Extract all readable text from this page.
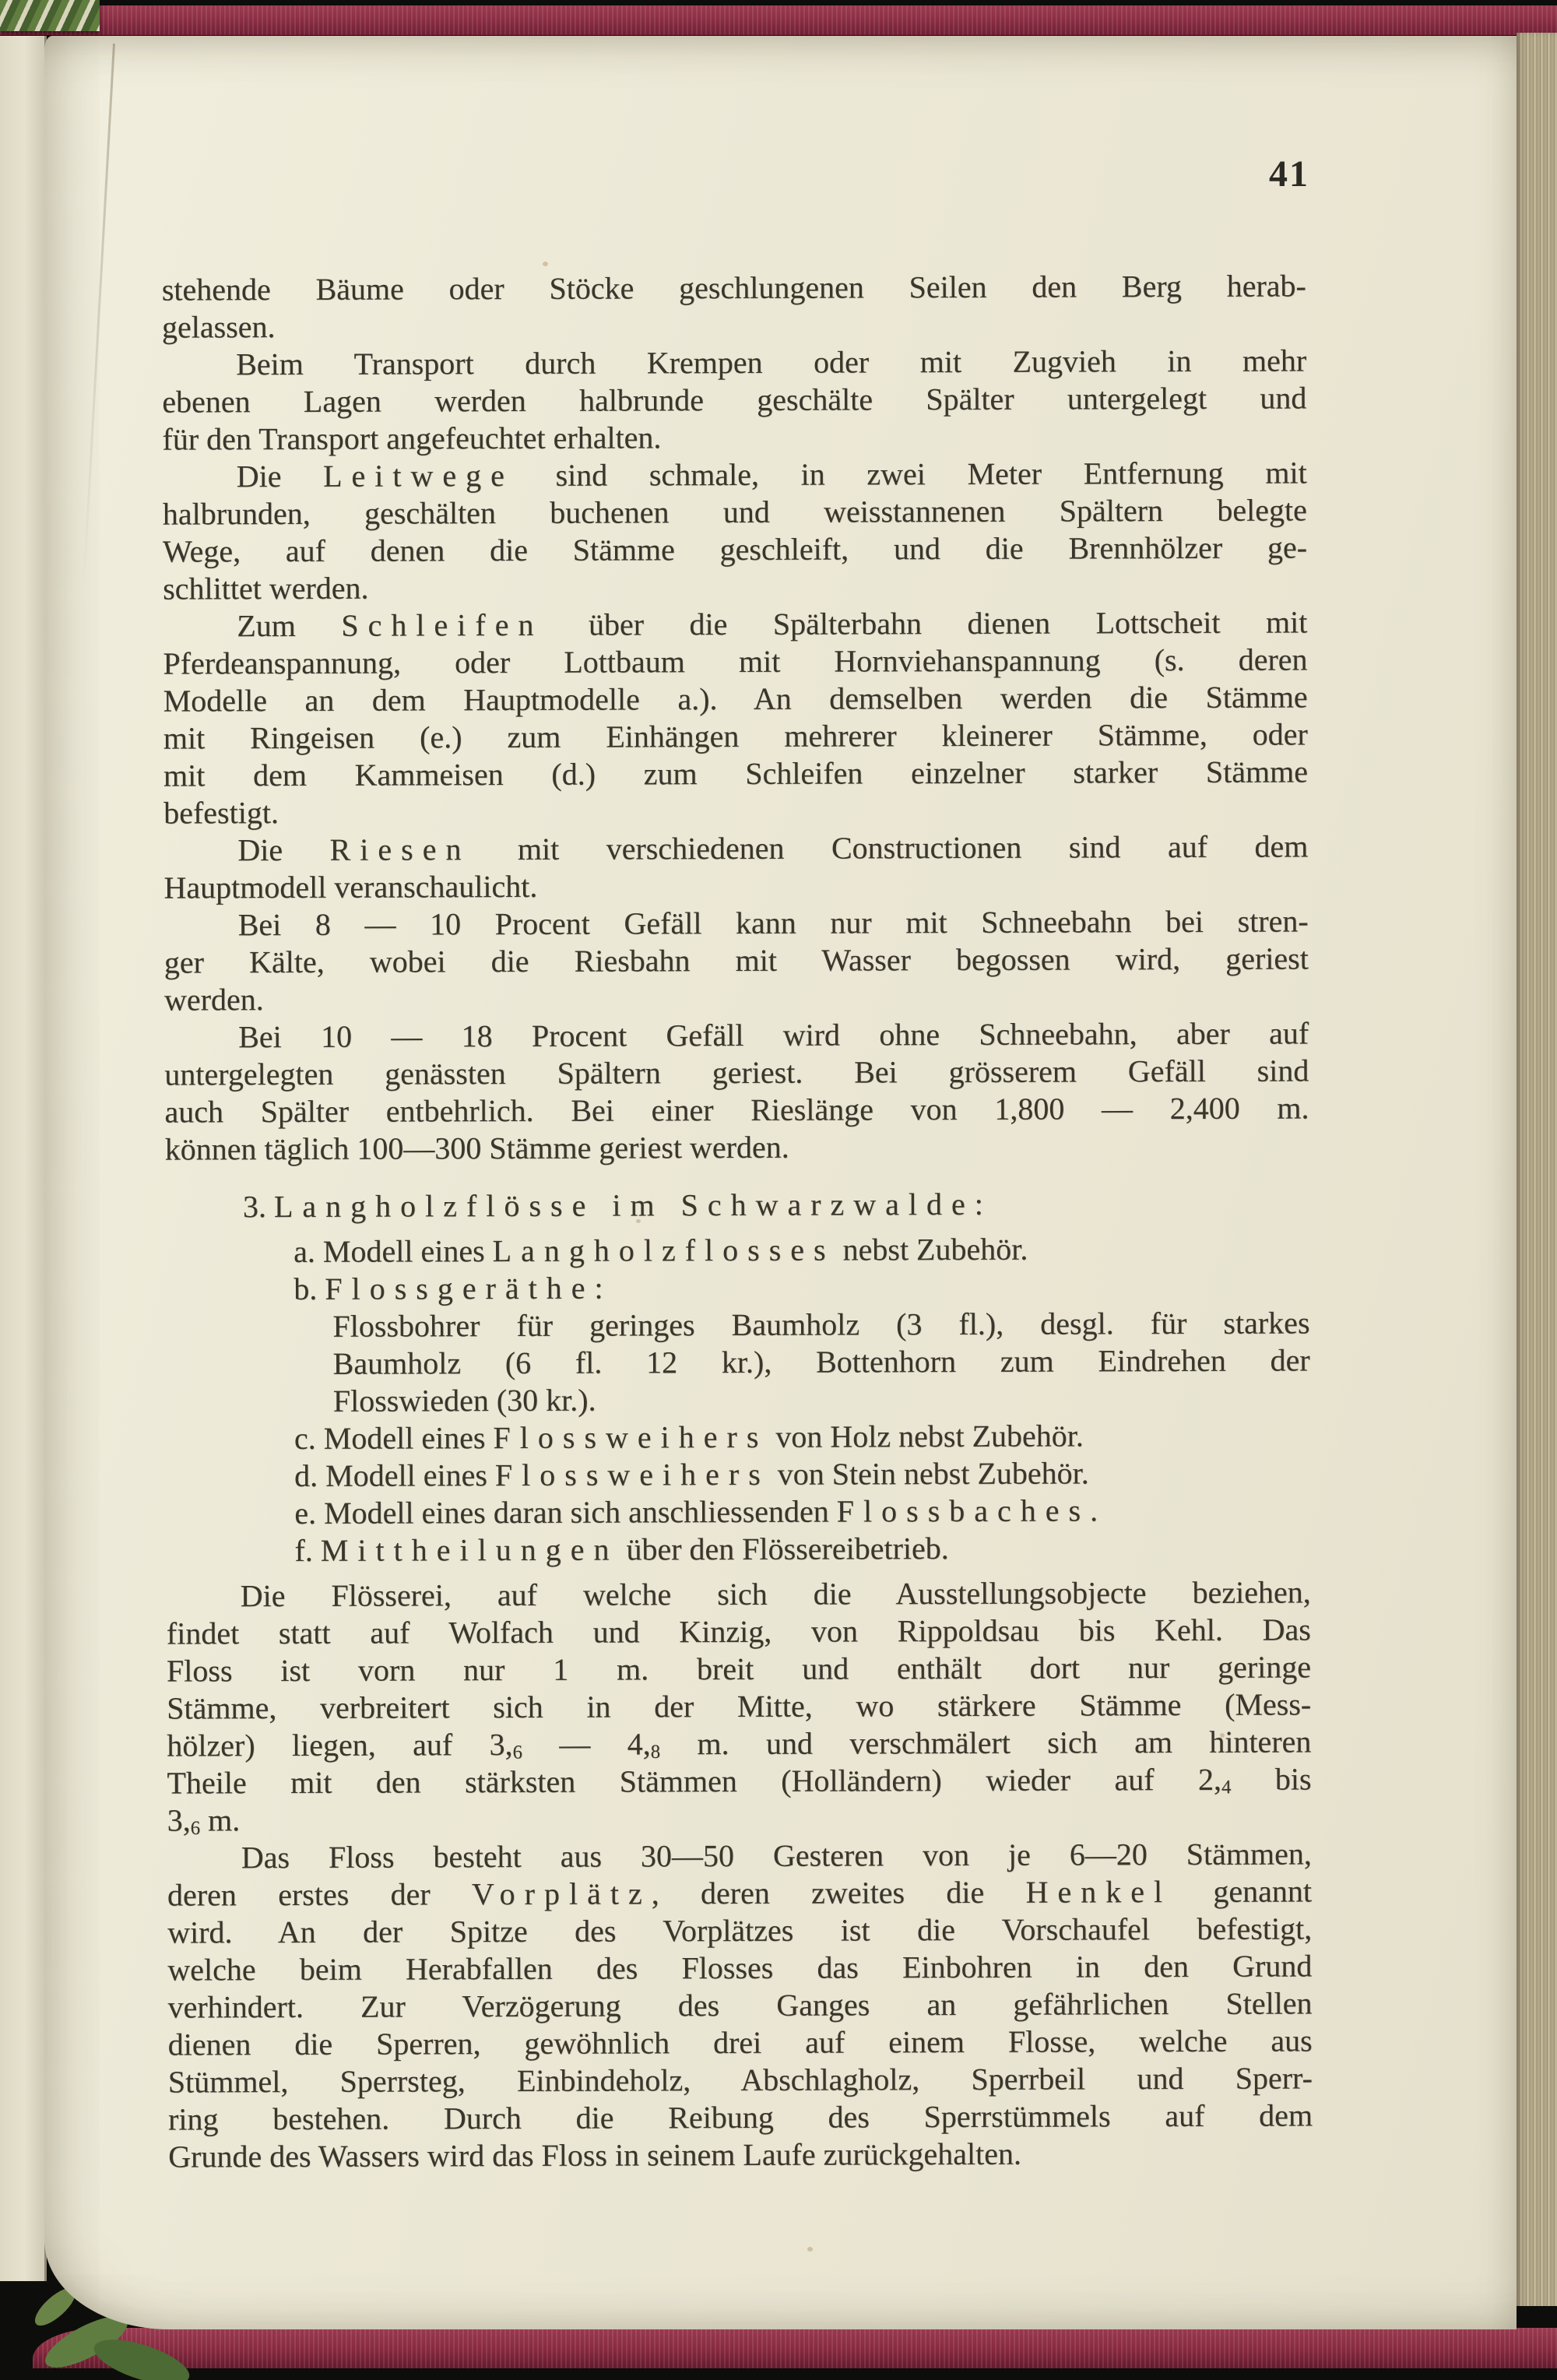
41
stehende Bäume oder Stöcke geschlungenen Seilen den Berg herab-
gelassen.
Beim Transport durch Krempen oder mit Zugvieh in mehr
ebenen Lagen werden halbrunde geschälte Spälter untergelegt und
für den Transport angefeuchtet erhalten.
Die Leitwege sind schmale, in zwei Meter Entfernung mit
halbrunden, geschälten buchenen und weisstannenen Spältern belegte
Wege, auf denen die Stämme geschleift, und die Brennhölzer ge-
schlittet werden.
Zum Schleifen über die Spälterbahn dienen Lottscheit mit
Pferdeanspannung, oder Lottbaum mit Hornviehanspannung (s. deren
Modelle an dem Hauptmodelle a.). An demselben werden die Stämme
mit Ringeisen (e.) zum Einhängen mehrerer kleinerer Stämme, oder
mit dem Kammeisen (d.) zum Schleifen einzelner starker Stämme
befestigt.
Die Riesen mit verschiedenen Constructionen sind auf dem
Hauptmodell veranschaulicht.
Bei 8 — 10 Procent Gefäll kann nur mit Schneebahn bei stren-
ger Kälte, wobei die Riesbahn mit Wasser begossen wird, geriest
werden.
Bei 10 — 18 Procent Gefäll wird ohne Schneebahn, aber auf
untergelegten genässten Spältern geriest. Bei grösserem Gefäll sind
auch Spälter entbehrlich. Bei einer Rieslänge von 1,800 — 2,400 m.
können täglich 100—300 Stämme geriest werden.
3. Langholzflösse im Schwarzwalde:
a. Modell eines Langholzflosses nebst Zubehör.
b. Flossgeräthe:
Flossbohrer für geringes Baumholz (3 fl.), desgl. für starkes
Baumholz (6 fl. 12 kr.), Bottenhorn zum Eindrehen der
Flosswieden (30 kr.).
c. Modell eines Flossweihers von Holz nebst Zubehör.
d. Modell eines Flossweihers von Stein nebst Zubehör.
e. Modell eines daran sich anschliessenden Flossbaches.
f. Mittheilungen über den Flössereibetrieb.
Die Flösserei, auf welche sich die Ausstellungsobjecte beziehen,
findet statt auf Wolfach und Kinzig, von Rippoldsau bis Kehl. Das
Floss ist vorn nur 1 m. breit und enthält dort nur geringe
Stämme, verbreitert sich in der Mitte, wo stärkere Stämme (Mess-
hölzer) liegen, auf 3,6 — 4,8 m. und verschmälert sich am hinteren
Theile mit den stärksten Stämmen (Holländern) wieder auf 2,4 bis
3,6 m.
Das Floss besteht aus 30—50 Gesteren von je 6—20 Stämmen,
deren erstes der Vorplätz, deren zweites die Henkel genannt
wird. An der Spitze des Vorplätzes ist die Vorschaufel befestigt,
welche beim Herabfallen des Flosses das Einbohren in den Grund
verhindert. Zur Verzögerung des Ganges an gefährlichen Stellen
dienen die Sperren, gewöhnlich drei auf einem Flosse, welche aus
Stümmel, Sperrsteg, Einbindeholz, Abschlagholz, Sperrbeil und Sperr-
ring bestehen. Durch die Reibung des Sperrstümmels auf dem
Grunde des Wassers wird das Floss in seinem Laufe zurückgehalten.
